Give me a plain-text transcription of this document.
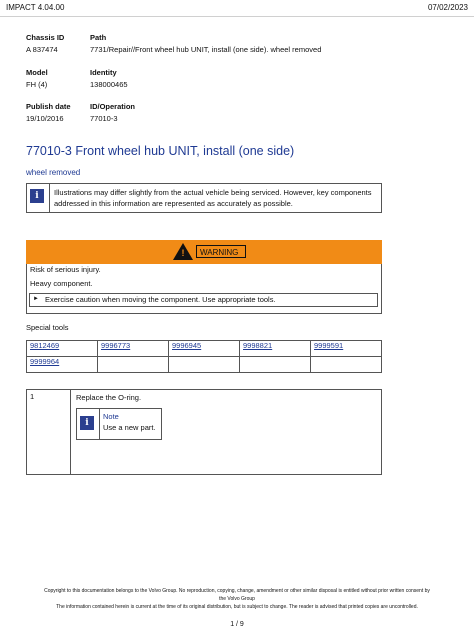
IMPACT 4.04.00	07/02/2023
Chassis ID
A 837474
Path
7731/Repair//Front wheel hub UNIT, install (one side). wheel removed
Model
FH (4)
Identity
138000465
Publish date
19/10/2016
ID/Operation
77010-3
77010-3 Front wheel hub UNIT, install (one side)
wheel removed
i	Illustrations may differ slightly from the actual vehicle being serviced. However, key components addressed in this information are represented as accurately as possible.
!	WARNING
Risk of serious injury.
Heavy component.
► Exercise caution when moving the component. Use appropriate tools.
Special tools
9812469	9996773	9996945	9998821	9999591
9999964				
1	Replace the O-ring.
i
Note
Use a new part.
Copyright to this documentation belongs to the Volvo Group. No reproduction, copying, change, amendment or other similar disposal is entitled without prior written consent by
the Volvo Group
The information contained herein is current at the time of its original distribution, but is subject to change. The reader is advised that printed copies are uncontrolled.
1 / 9
